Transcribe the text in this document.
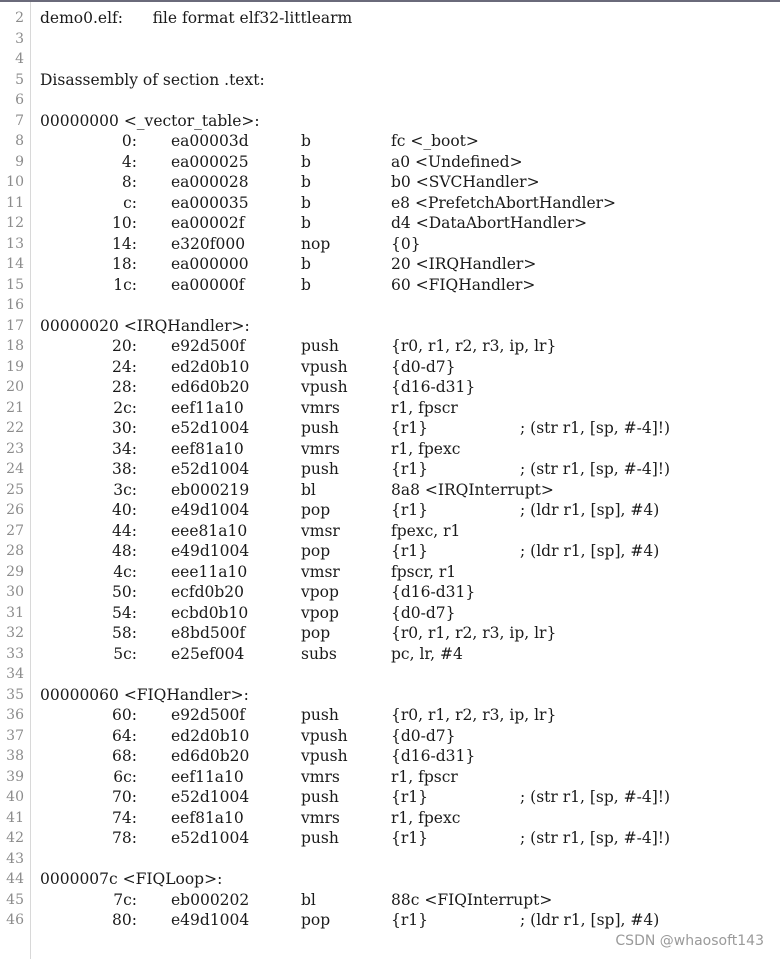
2 demo0.elf:      file format elf32-littlearm
3
4
5 Disassembly of section .text:
6
7 00000000 <_vector_table>:
8	0: ea00003d	b	fc <_boot>
9	4: ea000025	b	a0 <Undefined>
10	8: ea000028	b	b0 <SVCHandler>
11	c: ea000035	b	e8 <PrefetchAbortHandler>
12	10: ea00002f	b	d4 <DataAbortHandler>
13	14: e320f000	nop	{0}
14	18: ea000000	b	20 <IRQHandler>
15	1c: ea00000f	b	60 <FIQHandler>
16
17 00000020 <IRQHandler>:
18	20: e92d500f	push	{r0, r1, r2, r3, ip, lr}
19	24: ed2d0b10	vpush	{d0-d7}
20	28: ed6d0b20	vpush	{d16-d31}
21	2c: eef11a10	vmrs	r1, fpscr
22	30: e52d1004	push	{r1}	; (str r1, [sp, #-4]!)
23	34: eef81a10	vmrs	r1, fpexc
24	38: e52d1004	push	{r1}	; (str r1, [sp, #-4]!)
25	3c: eb000219	bl	8a8 <IRQInterrupt>
26	40: e49d1004	pop	{r1}	; (ldr r1, [sp], #4)
27	44: eee81a10	vmsr	fpexc, r1
28	48: e49d1004	pop	{r1}	; (ldr r1, [sp], #4)
29	4c: eee11a10	vmsr	fpscr, r1
30	50: ecfd0b20	vpop	{d16-d31}
31	54: ecbd0b10	vpop	{d0-d7}
32	58: e8bd500f	pop	{r0, r1, r2, r3, ip, lr}
33	5c: e25ef004	subs	pc, lr, #4
34
35 00000060 <FIQHandler>:
36	60: e92d500f	push	{r0, r1, r2, r3, ip, lr}
37	64: ed2d0b10	vpush	{d0-d7}
38	68: ed6d0b20	vpush	{d16-d31}
39	6c: eef11a10	vmrs	r1, fpscr
40	70: e52d1004	push	{r1}	; (str r1, [sp, #-4]!)
41	74: eef81a10	vmrs	r1, fpexc
42	78: e52d1004	push	{r1}	; (str r1, [sp, #-4]!)
43
44 0000007c <FIQLoop>:
45	7c: eb000202	bl	88c <FIQInterrupt>
46	80: e49d1004	pop	{r1}	; (ldr r1, [sp], #4)
CSDN @whaosoft143
